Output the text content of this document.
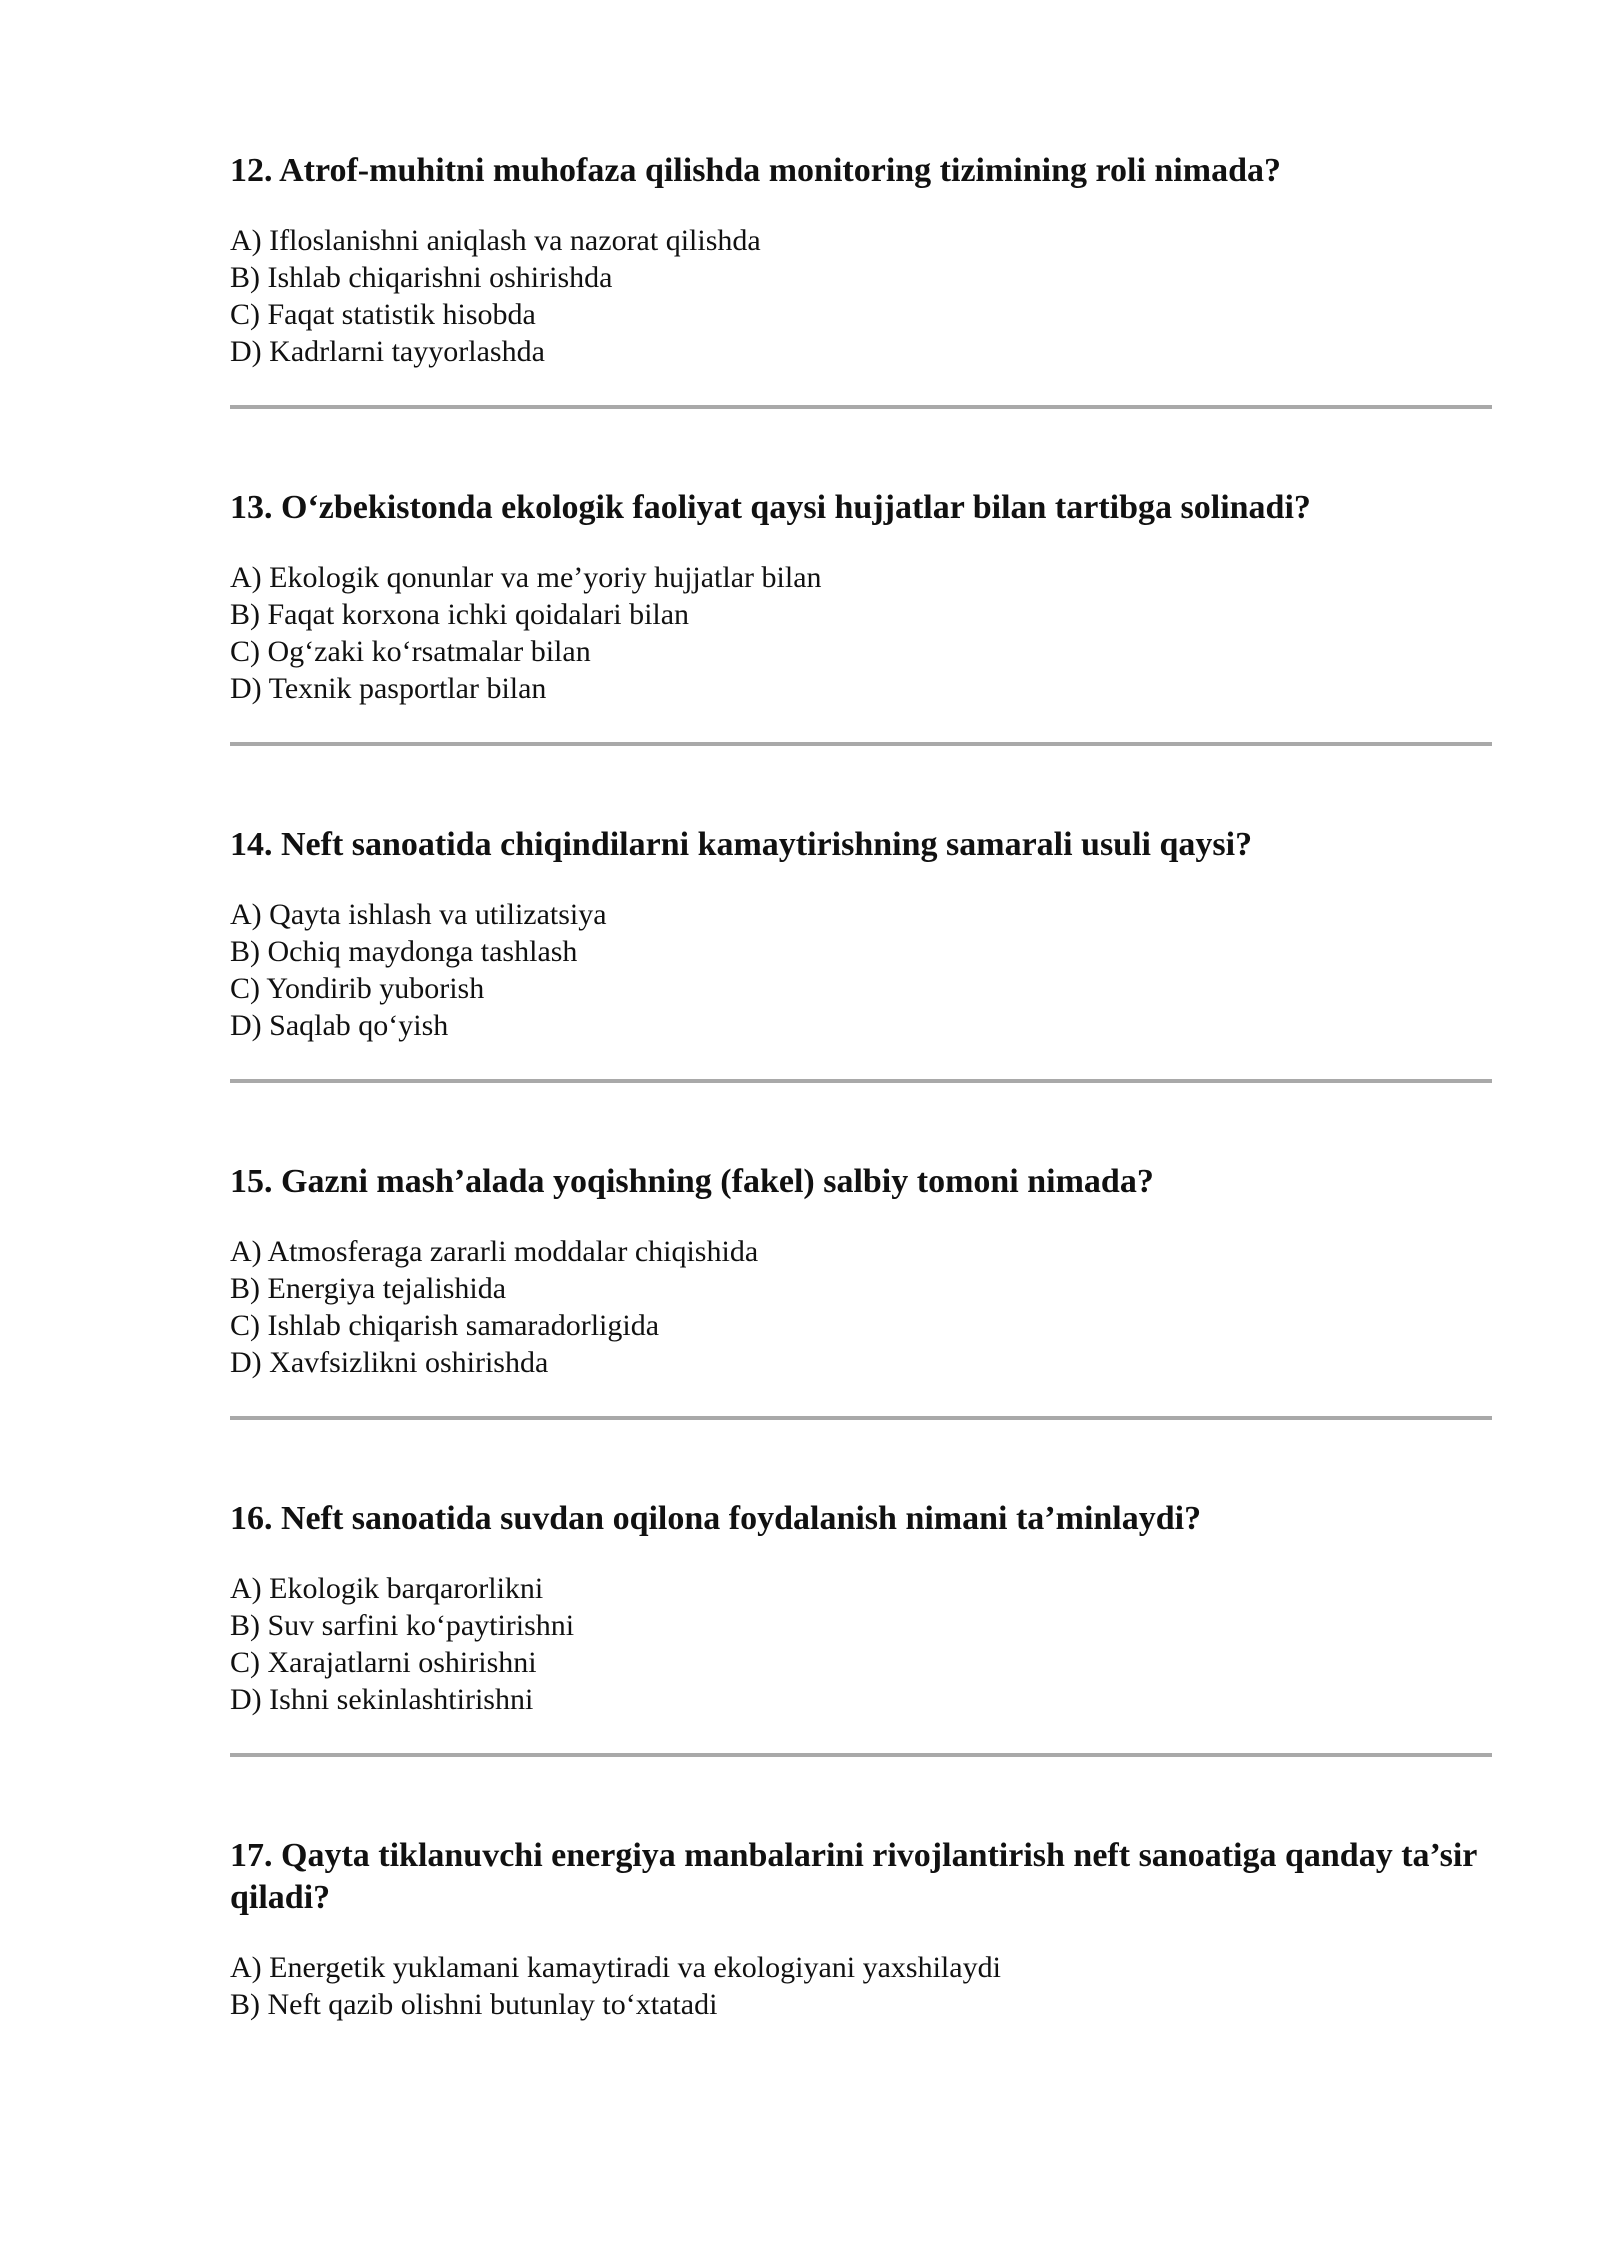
12. Atrof-muhitni muhofaza qilishda monitoring tizimining roli nimada?
A) Ifloslanishni aniqlash va nazorat qilishda
B) Ishlab chiqarishni oshirishda
C) Faqat statistik hisobda
D) Kadrlarni tayyorlashda
13. O‘zbekistonda ekologik faoliyat qaysi hujjatlar bilan tartibga solinadi?
A) Ekologik qonunlar va me’yoriy hujjatlar bilan
B) Faqat korxona ichki qoidalari bilan
C) Og‘zaki ko‘rsatmalar bilan
D) Texnik pasportlar bilan
14. Neft sanoatida chiqindilarni kamaytirishning samarali usuli qaysi?
A) Qayta ishlash va utilizatsiya
B) Ochiq maydonga tashlash
C) Yondirib yuborish
D) Saqlab qo‘yish
15. Gazni mash’alada yoqishning (fakel) salbiy tomoni nimada?
A) Atmosferaga zararli moddalar chiqishida
B) Energiya tejalishida
C) Ishlab chiqarish samaradorligida
D) Xavfsizlikni oshirishda
16. Neft sanoatida suvdan oqilona foydalanish nimani ta’minlaydi?
A) Ekologik barqarorlikni
B) Suv sarfini ko‘paytirishni
C) Xarajatlarni oshirishni
D) Ishni sekinlashtirishni
17. Qayta tiklanuvchi energiya manbalarini rivojlantirish neft sanoatiga qanday ta’sir qiladi?
A) Energetik yuklamani kamaytiradi va ekologiyani yaxshilaydi
B) Neft qazib olishni butunlay to‘xtatadi
